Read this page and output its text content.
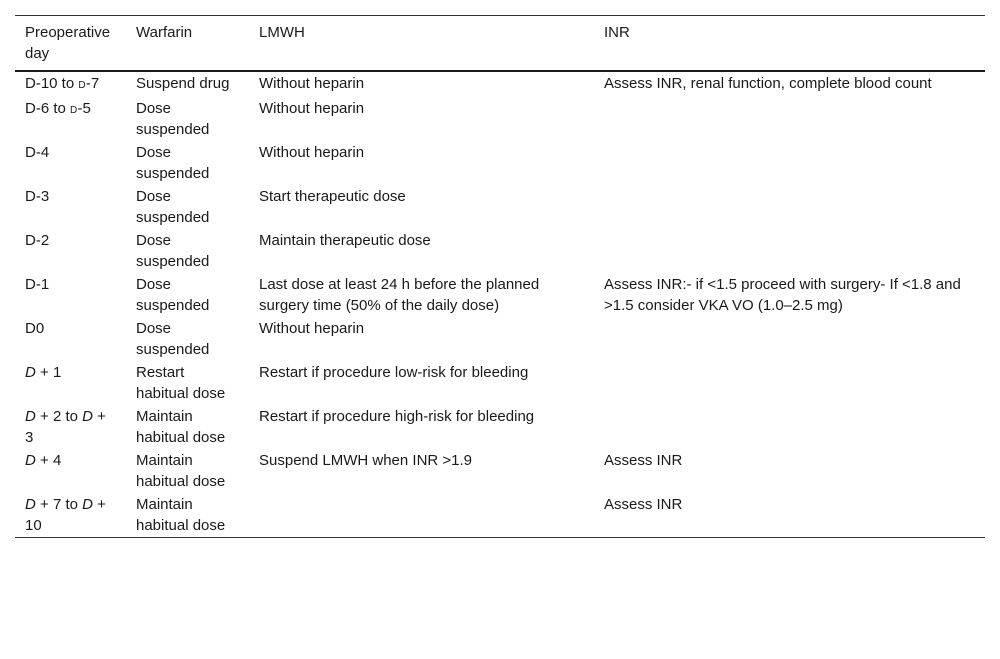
Preoperative day	Warfarin	LMWH	INR
D-10 to D-7	Suspend drug	Without heparin	Assess INR, renal function, complete blood count
D-6 to D-5	Dose suspended	Without heparin	
D-4	Dose suspended	Without heparin	
D-3	Dose suspended	Start therapeutic dose	
D-2	Dose suspended	Maintain therapeutic dose	
D-1	Dose suspended	Last dose at least 24 h before the planned surgery time (50% of the daily dose)	Assess INR:- if <1.5 proceed with surgery- If <1.8 and >1.5 consider VKA VO (1.0–2.5 mg)
D0	Dose suspended	Without heparin	
D + 1	Restart habitual dose	Restart if procedure low-risk for bleeding	
D + 2 to D + 3	Maintain habitual dose	Restart if procedure high-risk for bleeding	
D + 4	Maintain habitual dose	Suspend LMWH when INR >1.9	Assess INR
D + 7 to D + 10	Maintain habitual dose		Assess INR
